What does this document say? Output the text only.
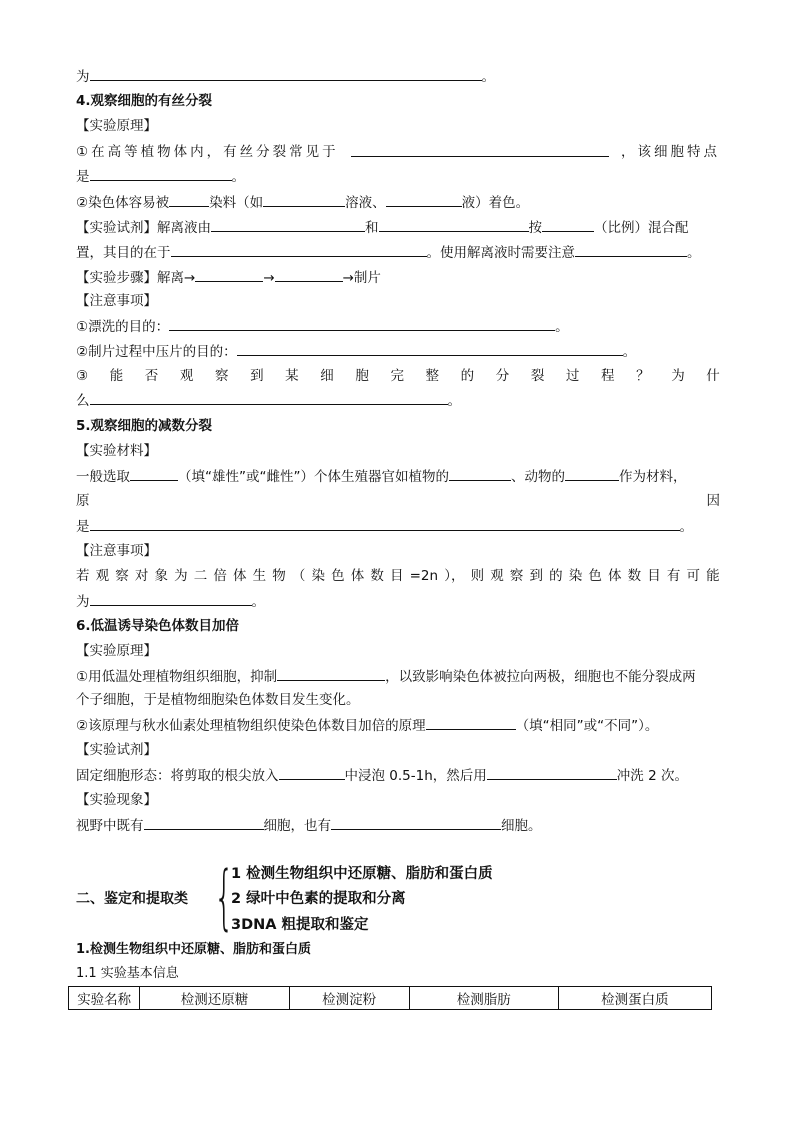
为	。
4.观察细胞的有丝分裂
【实验原理】
①在高等植物体内，有丝分裂常见于	，该细胞特点
是	。
②染色体容易被	染料（如	溶液、	液）着色。
【实验试剂】解离液由	和	按	（比例）混合配
置，其目的在于	。使用解离液时需要注意	。
【实验步骤】解离→	→	→制片
【注意事项】
①漂洗的目的：	。
②制片过程中压片的目的：	。
③ 能 否 观 察 到 某 细 胞 完 整 的 分 裂 过 程 ？ 为 什
么	。
5.观察细胞的减数分裂
【实验材料】
一般选取	（填“雄性”或“雌性”）个体生殖器官如植物的	、动物的	作为材料，
原	因
是	。
【注意事项】
若 观 察 对 象 为 二 倍 体 生 物 （ 染 色 体 数 目 =2n ）， 则 观 察 到 的 染 色 体 数 目 有 可 能
为	。
6.低温诱导染色体数目加倍
【实验原理】
①用低温处理植物组织细胞，抑制	，以致影响染色体被拉向两极，细胞也不能分裂成两
个子细胞，于是植物细胞染色体数目发生变化。
②该原理与秋水仙素处理植物组织使染色体数目加倍的原理	（填“相同”或“不同”）。
【实验试剂】
固定细胞形态：将剪取的根尖放入	中浸泡 0.5-1h，然后用	冲洗 2 次。
【实验现象】
视野中既有	细胞，也有	细胞。
二、鉴定和提取类 {
1 检测生物组织中还原糖、脂肪和蛋白质
2 绿叶中色素的提取和分离
3DNA 粗提取和鉴定
1.检测生物组织中还原糖、脂肪和蛋白质
1.1 实验基本信息
实验名称	检测还原糖	检测淀粉	检测脂肪	检测蛋白质
